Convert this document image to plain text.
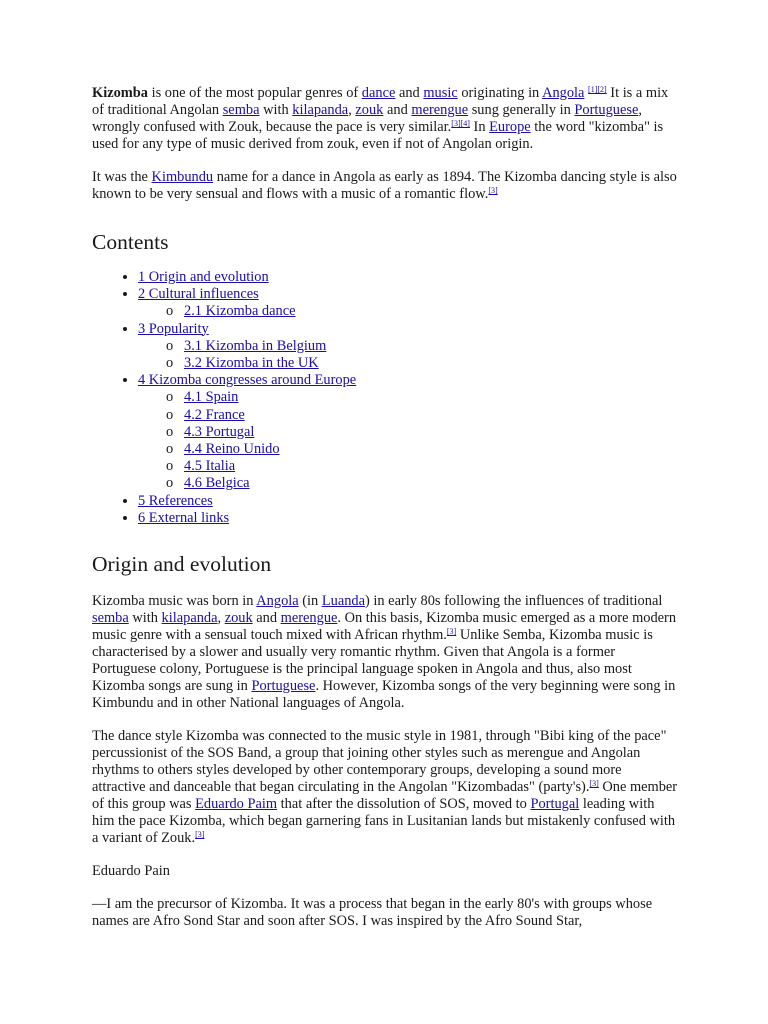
Kizomba is one of the most popular genres of dance and music originating in Angola [1][2] It is a mix of traditional Angolan semba with kilapanda, zouk and merengue sung generally in Portuguese, wrongly confused with Zouk, because the pace is very similar.[3][4] In Europe the word "kizomba" is used for any type of music derived from zouk, even if not of Angolan origin.

It was the Kimbundu name for a dance in Angola as early as 1894. The Kizomba dancing style is also known to be very sensual and flows with a music of a romantic flow.[3]

Contents
• 1 Origin and evolution
• 2 Cultural influences
o 2.1 Kizomba dance
• 3 Popularity
o 3.1 Kizomba in Belgium
o 3.2 Kizomba in the UK
• 4 Kizomba congresses around Europe
o 4.1 Spain
o 4.2 France
o 4.3 Portugal
o 4.4 Reino Unido
o 4.5 Italia
o 4.6 Belgica
• 5 References
• 6 External links
Origin and evolution

Kizomba music was born in Angola (in Luanda) in early 80s following the influences of traditional semba with kilapanda, zouk and merengue. On this basis, Kizomba music emerged as a more modern music genre with a sensual touch mixed with African rhythm.[3] Unlike Semba, Kizomba music is characterised by a slower and usually very romantic rhythm. Given that Angola is a former Portuguese colony, Portuguese is the principal language spoken in Angola and thus, also most Kizomba songs are sung in Portuguese. However, Kizomba songs of the very beginning were song in Kimbundu and in other National languages of Angola.

The dance style Kizomba was connected to the music style in 1981, through "Bibi king of the pace" percussionist of the SOS Band, a group that joining other styles such as merengue and Angolan rhythms to others styles developed by other contemporary groups, developing a sound more attractive and danceable that began circulating in the Angolan "Kizombadas" (party's).[3] One member of this group was Eduardo Paim that after the dissolution of SOS, moved to Portugal leading with him the pace Kizomba, which began garnering fans in Lusitanian lands but mistakenly confused with a variant of Zouk.[3]

Eduardo Pain

—I am the precursor of Kizomba. It was a process that began in the early 80's with groups whose names are Afro Sond Star and soon after SOS. I was inspired by the Afro Sound Star,
